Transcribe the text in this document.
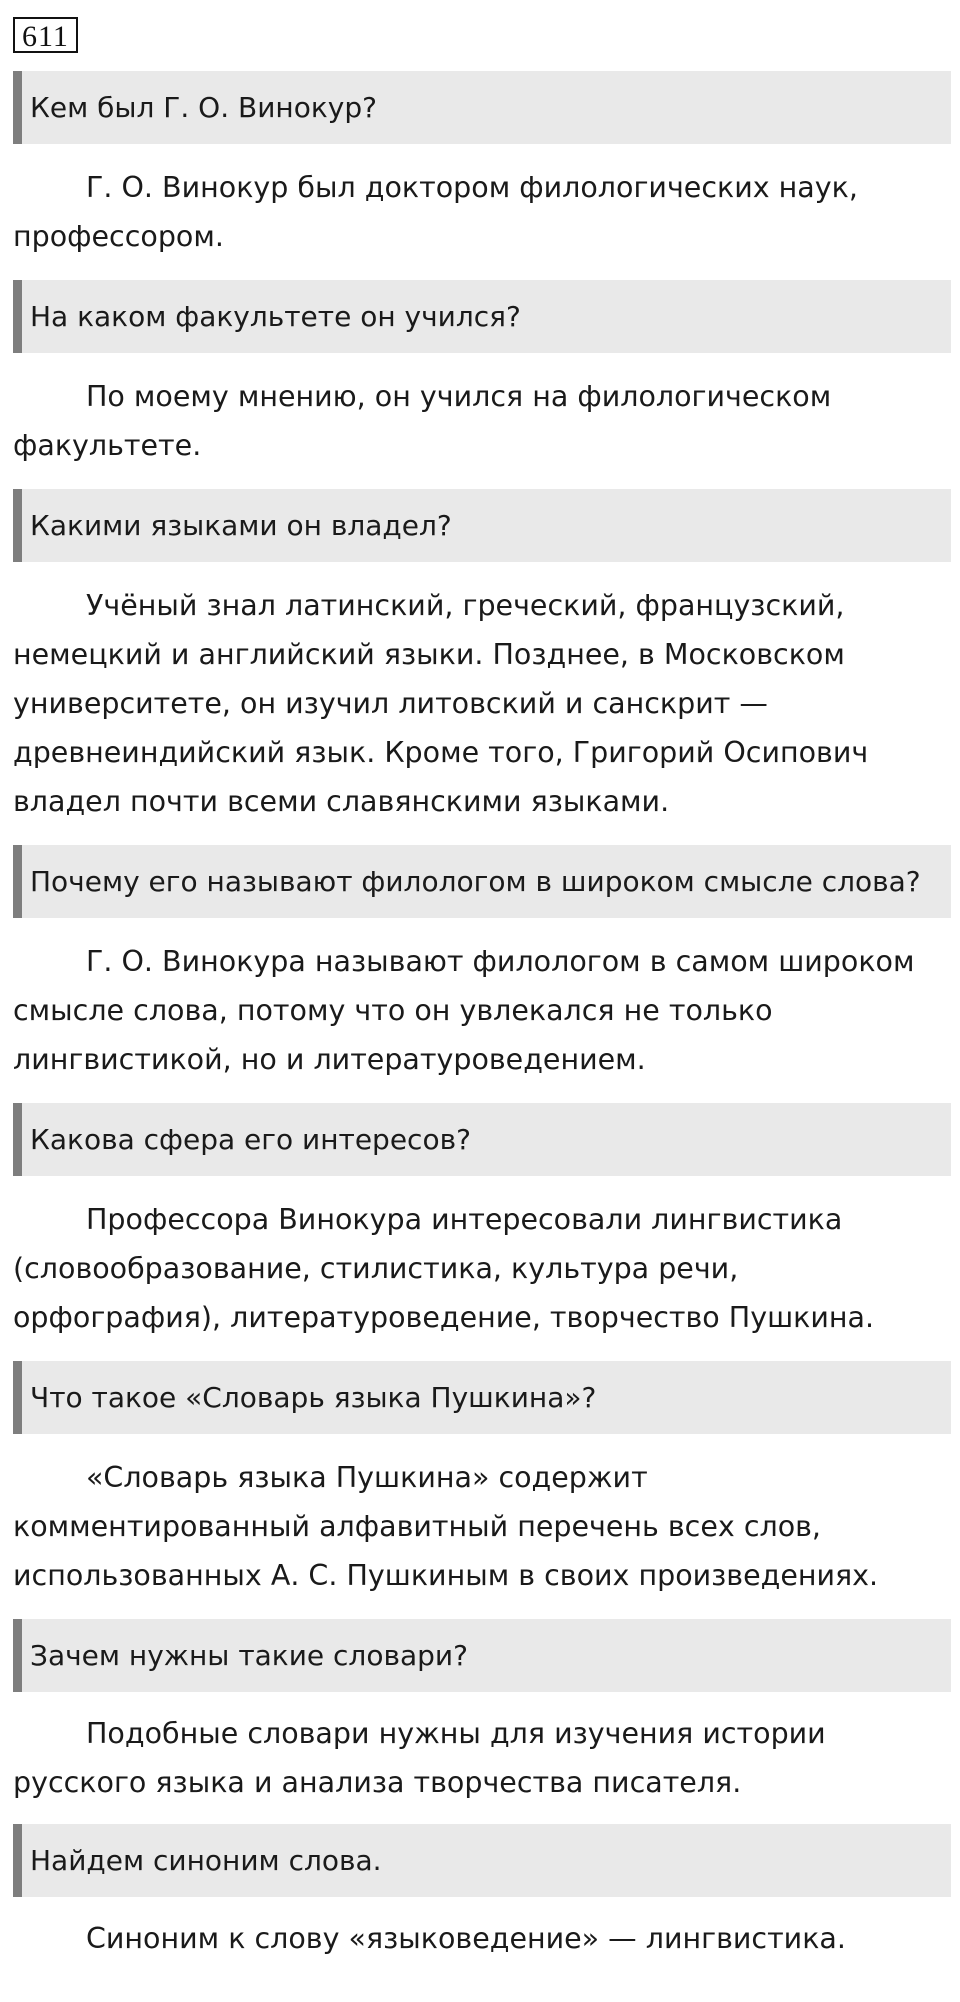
611
Кем был Г. О. Винокур?
Г. О. Винокур был доктором филологических наук, профессором.
На каком факультете он учился?
По моему мнению, он учился на филологическом факультете.
Какими языками он владел?
Учёный знал латинский, греческий, французский, немецкий и английский языки. Позднее, в Московском университете, он изучил литовский и санскрит — древнеиндийский язык. Кроме того, Григорий Осипович владел почти всеми славянскими языками.
Почему его называют филологом в широком смысле слова?
Г. О. Винокура называют филологом в самом широком смысле слова, потому что он увлекался не только лингвистикой, но и литературоведением.
Какова сфера его интересов?
Профессора Винокура интересовали лингвистика (словообразование, стилистика, культура речи, орфография), литературоведение, творчество Пушкина.
Что такое «Словарь языка Пушкина»?
«Словарь языка Пушкина» содержит комментированный алфавитный перечень всех слов, использованных А. С. Пушкиным в своих произведениях.
Зачем нужны такие словари?
Подобные словари нужны для изучения истории русского языка и анализа творчества писателя.
Найдем синоним слова.
Синоним к слову «языковедение» — лингвистика.
